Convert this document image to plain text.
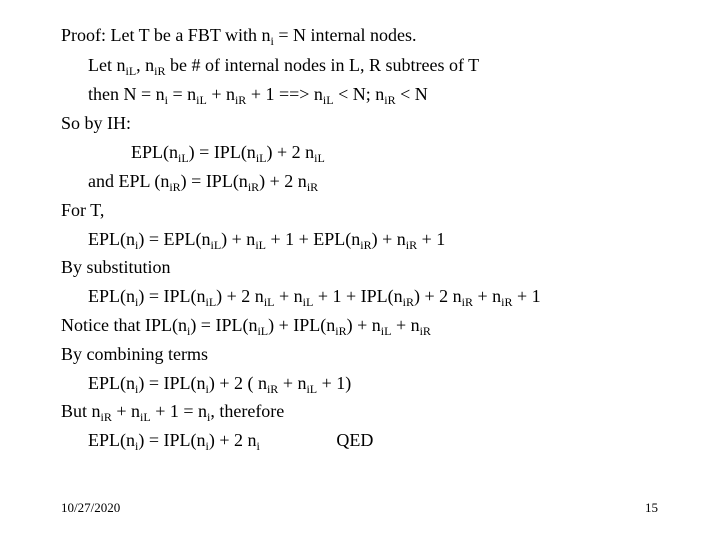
Proof: Let T be a FBT with $n_i = N$ internal nodes.
Let $n_{iL}$, $n_{iR}$ be # of internal nodes in L, R subtrees of T
then $N = n_i = n_{iL} + n_{iR} + 1$ ==> $n_{iL} < N$; $n_{iR} < N$
So by IH:
$EPL(n_{iL}) = IPL(n_{iL}) + 2$ $n_{iL}$
and EPL $(n_{iR}) = IPL(n_{iR}) + 2$ $n_{iR}$
For T,
$EPL(n_i) = EPL(n_{iL}) + n_{iL} + 1 + EPL(n_{iR}) + n_{iR} + 1$
By substitution
$EPL(n_i) = IPL(n_{iL}) + 2$ $n_{iL} + n_{iL} + 1 + IPL(n_{iR}) + 2$ $n_{iR} + n_{iR} + 1$
Notice that $IPL(n_i) = IPL(n_{iL}) + IPL(n_{iR}) + n_{iL} + n_{iR}$
By combining terms
$EPL(n_i) = IPL(n_i) + 2$ ( $n_{iR} + n_{iL} + 1$)
But $n_{iR} + n_{iL} + 1 = n_i$, therefore
$EPL(n_i) = IPL(n_i) + 2$ $n_i$                 QED
10/27/2020	15
